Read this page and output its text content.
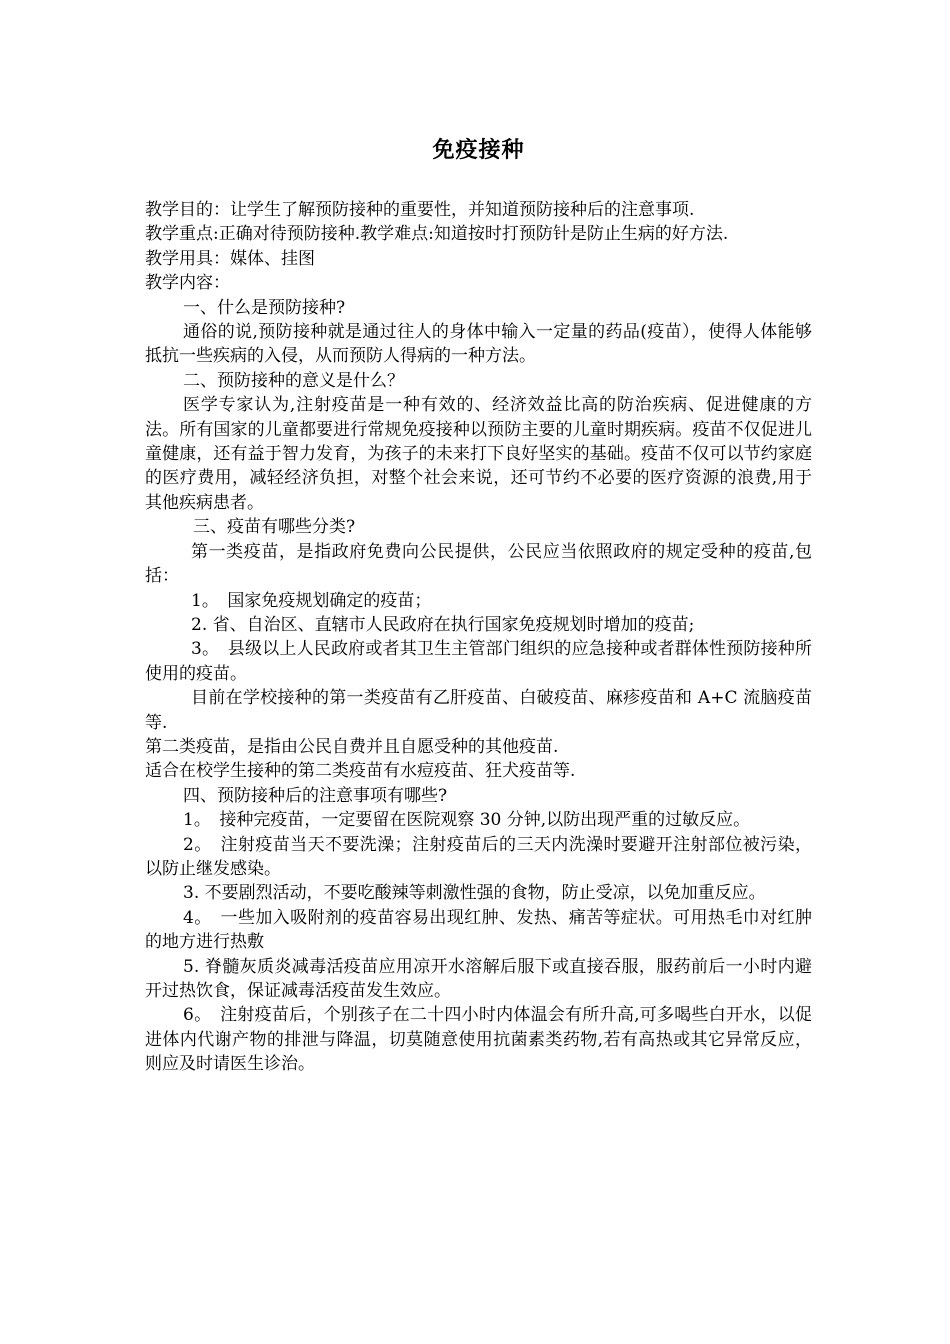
免疫接种

教学目的：让学生了解预防接种的重要性，并知道预防接种后的注意事项.

教学重点:正确对待预防接种.教学难点:知道按时打预防针是防止生病的好方法.

教学用具：媒体、挂图

教学内容：

一、什么是预防接种?

通俗的说,预防接种就是通过往人的身体中输入一定量的药品(疫苗），使得人体能够抵抗一些疾病的入侵，从而预防人得病的一种方法。

二、预防接种的意义是什么？

医学专家认为,注射疫苗是一种有效的、经济效益比高的防治疾病、促进健康的方法。所有国家的儿童都要进行常规免疫接种以预防主要的儿童时期疾病。疫苗不仅促进儿童健康，还有益于智力发育，为孩子的未来打下良好坚实的基础。疫苗不仅可以节约家庭的医疗费用，减轻经济负担，对整个社会来说，还可节约不必要的医疗资源的浪费,用于其他疾病患者。

三、疫苗有哪些分类?

第一类疫苗，是指政府免费向公民提供，公民应当依照政府的规定受种的疫苗,包括：

1。　国家免疫规划确定的疫苗；

2. 省、自治区、直辖市人民政府在执行国家免疫规划时增加的疫苗;

3。　县级以上人民政府或者其卫生主管部门组织的应急接种或者群体性预防接种所使用的疫苗。

目前在学校接种的第一类疫苗有乙肝疫苗、白破疫苗、麻疹疫苗和 A+C 流脑疫苗等.

第二类疫苗，是指由公民自费并且自愿受种的其他疫苗.

适合在校学生接种的第二类疫苗有水痘疫苗、狂犬疫苗等.

四、预防接种后的注意事项有哪些?

1。　接种完疫苗，一定要留在医院观察 30 分钟,以防出现严重的过敏反应。

2。　注射疫苗当天不要洗澡；注射疫苗后的三天内洗澡时要避开注射部位被污染，以防止继发感染。

3. 不要剧烈活动，不要吃酸辣等刺激性强的食物，防止受凉，以免加重反应。

4。　一些加入吸附剂的疫苗容易出现红肿、发热、痛苦等症状。可用热毛巾对红肿的地方进行热敷

5. 脊髓灰质炎减毒活疫苗应用凉开水溶解后服下或直接吞服，服药前后一小时内避开过热饮食，保证减毒活疫苗发生效应。

6。　注射疫苗后，个别孩子在二十四小时内体温会有所升高,可多喝些白开水，以促进体内代谢产物的排泄与降温，切莫随意使用抗菌素类药物,若有高热或其它异常反应，则应及时请医生诊治。
